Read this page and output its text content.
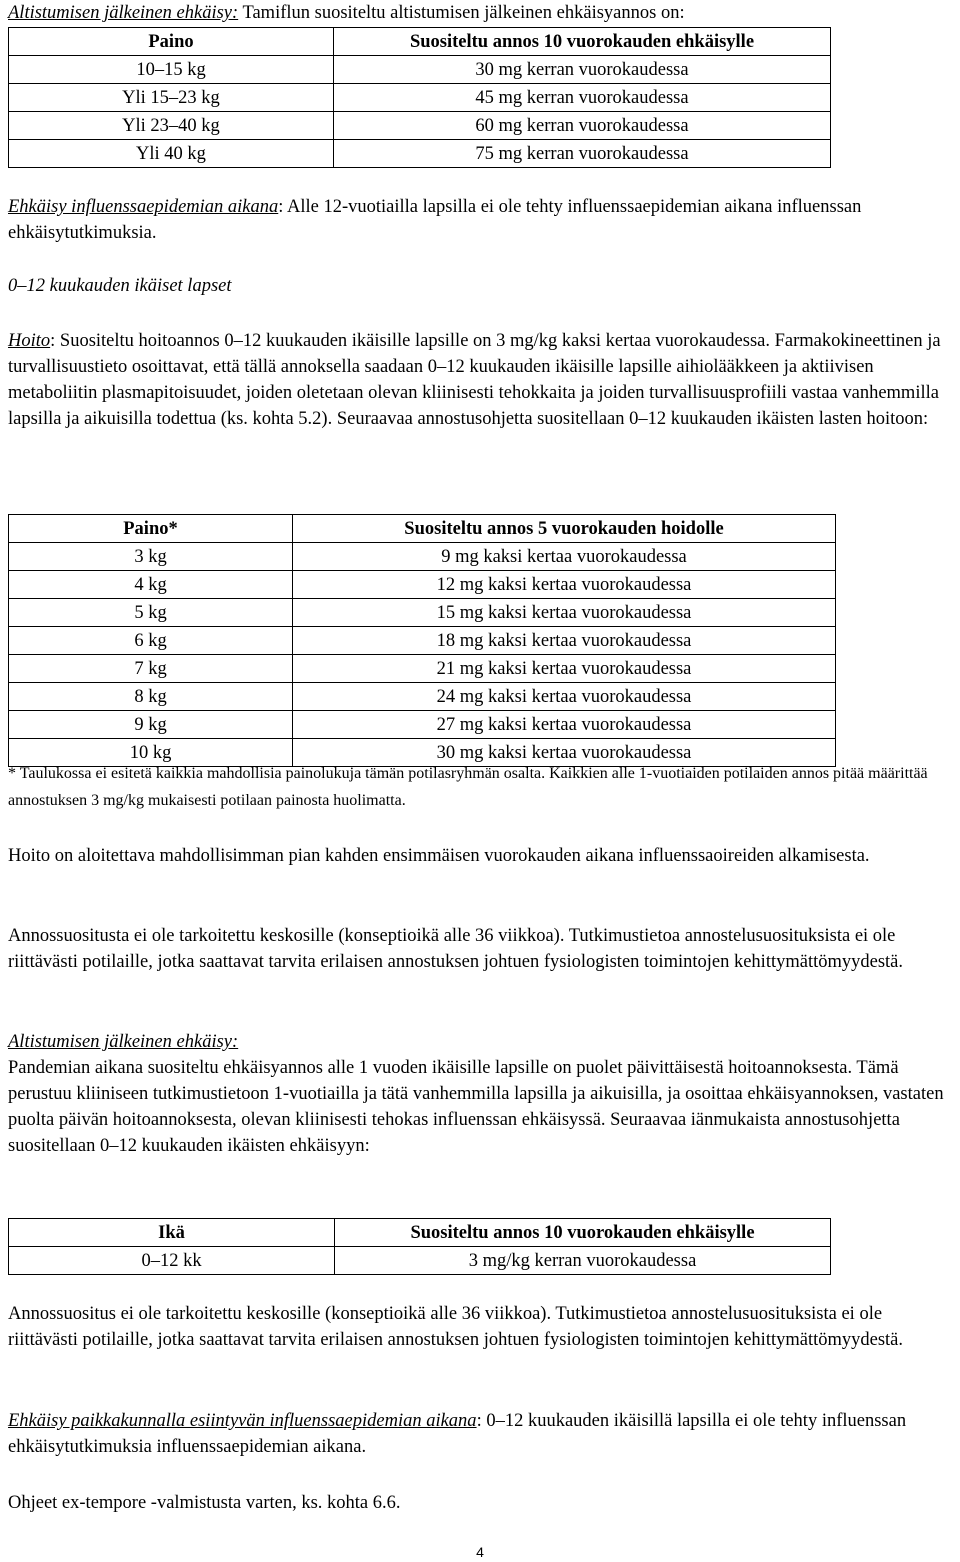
Altistumisen jälkeinen ehkäisy: Tamiflun suositeltu altistumisen jälkeinen ehkäisyannos on:

Paino	Suositeltu annos 10 vuorokauden ehkäisylle
10–15 kg	30 mg kerran vuorokaudessa
Yli 15–23 kg	45 mg kerran vuorokaudessa
Yli 23–40 kg	60 mg kerran vuorokaudessa
Yli 40 kg	75 mg kerran vuorokaudessa

Ehkäisy influenssaepidemian aikana: Alle 12-vuotiailla lapsilla ei ole tehty influenssaepidemian aikana influenssan ehkäisytutkimuksia.

0–12 kuukauden ikäiset lapset

Hoito: Suositeltu hoitoannos 0–12 kuukauden ikäisille lapsille on 3 mg/kg kaksi kertaa vuorokaudessa. Farmakokineettinen ja turvallisuustieto osoittavat, että tällä annoksella saadaan 0–12 kuukauden ikäisille lapsille aihiolääkkeen ja aktiivisen metaboliitin plasmapitoisuudet, joiden oletetaan olevan kliinisesti tehokkaita ja joiden turvallisuusprofiili vastaa vanhemmilla lapsilla ja aikuisilla todettua (ks. kohta 5.2). Seuraavaa annostusohjetta suositellaan 0–12 kuukauden ikäisten lasten hoitoon:

Paino*	Suositeltu annos 5 vuorokauden hoidolle
3 kg	9 mg kaksi kertaa vuorokaudessa
4 kg	12 mg kaksi kertaa vuorokaudessa
5 kg	15 mg kaksi kertaa vuorokaudessa
6 kg	18 mg kaksi kertaa vuorokaudessa
7 kg	21 mg kaksi kertaa vuorokaudessa
8 kg	24 mg kaksi kertaa vuorokaudessa
9 kg	27 mg kaksi kertaa vuorokaudessa
10 kg	30 mg kaksi kertaa vuorokaudessa

* Taulukossa ei esitetä kaikkia mahdollisia painolukuja tämän potilasryhmän osalta. Kaikkien alle 1-vuotiaiden potilaiden annos pitää määrittää annostuksen 3 mg/kg mukaisesti potilaan painosta huolimatta.

Hoito on aloitettava mahdollisimman pian kahden ensimmäisen vuorokauden aikana influenssaoireiden alkamisesta.

Annossuositusta ei ole tarkoitettu keskosille (konseptioikä alle 36 viikkoa). Tutkimustietoa annostelusuosituksista ei ole riittävästi potilaille, jotka saattavat tarvita erilaisen annostuksen johtuen fysiologisten toimintojen kehittymättömyydestä.

Altistumisen jälkeinen ehkäisy:
Pandemian aikana suositeltu ehkäisyannos alle 1 vuoden ikäisille lapsille on puolet päivittäisestä hoitoannoksesta. Tämä perustuu kliiniseen tutkimustietoon 1-vuotiailla ja tätä vanhemmilla lapsilla ja aikuisilla, ja osoittaa ehkäisyannoksen, vastaten puolta päivän hoitoannoksesta, olevan kliinisesti tehokas influenssan ehkäisyssä. Seuraavaa iänmukaista annostusohjetta suositellaan 0–12 kuukauden ikäisten ehkäisyyn:

Ikä	Suositeltu annos 10 vuorokauden ehkäisylle
0–12 kk	3 mg/kg kerran vuorokaudessa

Annossuositus ei ole tarkoitettu keskosille (konseptioikä alle 36 viikkoa). Tutkimustietoa annostelusuosituksista ei ole riittävästi potilaille, jotka saattavat tarvita erilaisen annostuksen johtuen fysiologisten toimintojen kehittymättömyydestä.

Ehkäisy paikkakunnalla esiintyvän influenssaepidemian aikana: 0–12 kuukauden ikäisillä lapsilla ei ole tehty influenssan ehkäisytutkimuksia influenssaepidemian aikana.

Ohjeet ex-tempore -valmistusta varten, ks. kohta 6.6.

4
